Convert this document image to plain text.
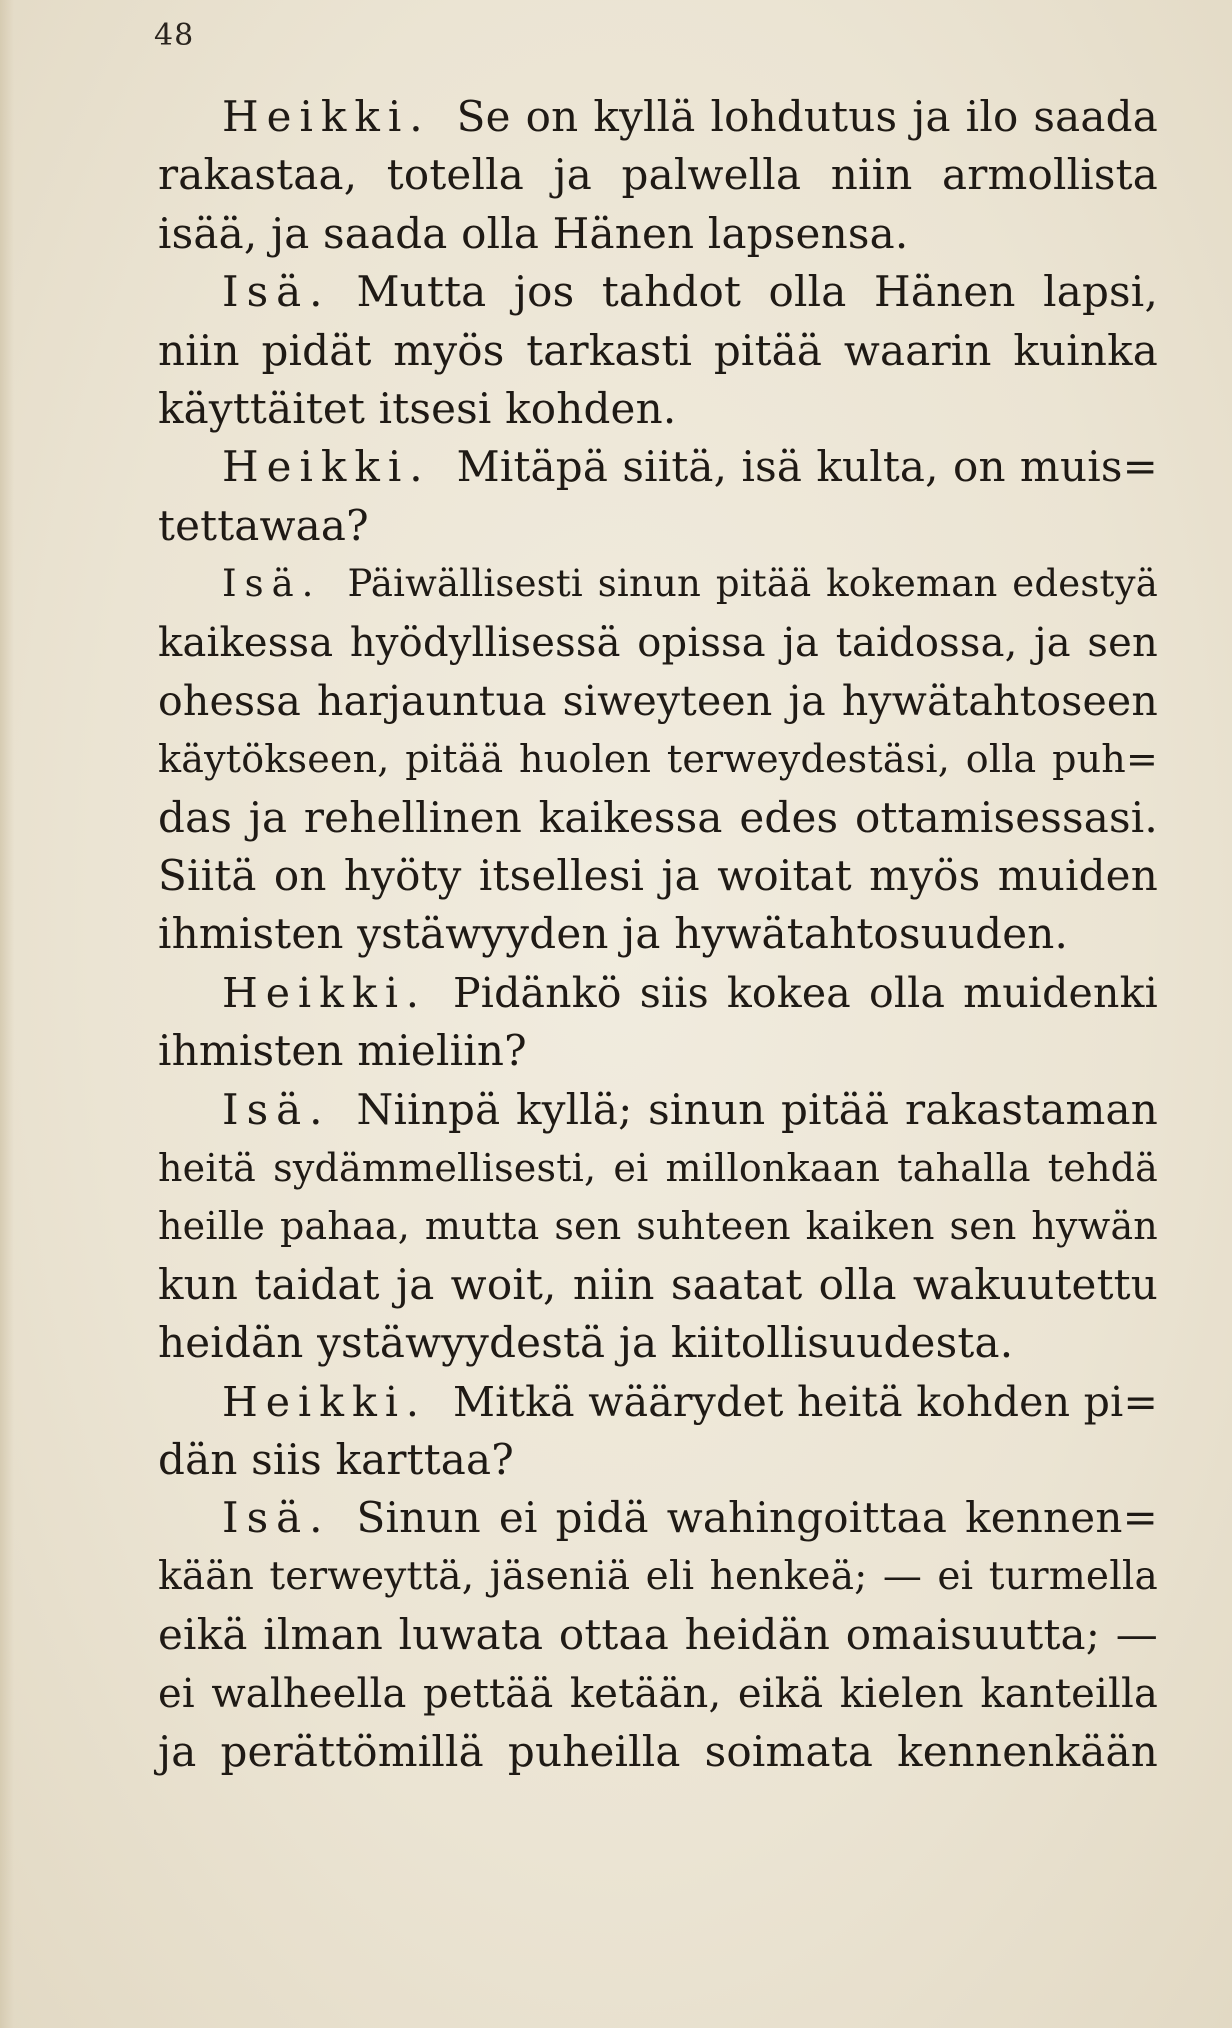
48
Heikki. Se on kyllä lohdutus ja ilo saada
rakastaa, totella ja palwella niin armollista
isää, ja saada olla Hänen lapsensa.
Isä. Mutta jos tahdot olla Hänen lapsi,
niin pidät myös tarkasti pitää waarin kuinka
käyttäitet itsesi kohden.
Heikki. Mitäpä siitä, isä kulta, on muis=
tettawaa?
Isä. Päiwällisesti sinun pitää kokeman edestyä
kaikessa hyödyllisessä opissa ja taidossa, ja sen
ohessa harjauntua siweyteen ja hywätahtoseen
käytökseen, pitää huolen terweydestäsi, olla puh=
das ja rehellinen kaikessa edes ottamisessasi.
Siitä on hyöty itsellesi ja woitat myös muiden
ihmisten ystäwyyden ja hywätahtosuuden.
Heikki. Pidänkö siis kokea olla muidenki
ihmisten mieliin?
Isä. Niinpä kyllä; sinun pitää rakastaman
heitä sydämmellisesti, ei millonkaan tahalla tehdä
heille pahaa, mutta sen suhteen kaiken sen hywän
kun taidat ja woit, niin saatat olla wakuutettu
heidän ystäwyydestä ja kiitollisuudesta.
Heikki. Mitkä wäärydet heitä kohden pi=
dän siis karttaa?
Isä. Sinun ei pidä wahingoittaa kennen=
kään terweyttä, jäseniä eli henkeä; — ei turmella
eikä ilman luwata ottaa heidän omaisuutta; —
ei walheella pettää ketään, eikä kielen kanteilla
ja perättömillä puheilla soimata kennenkään
